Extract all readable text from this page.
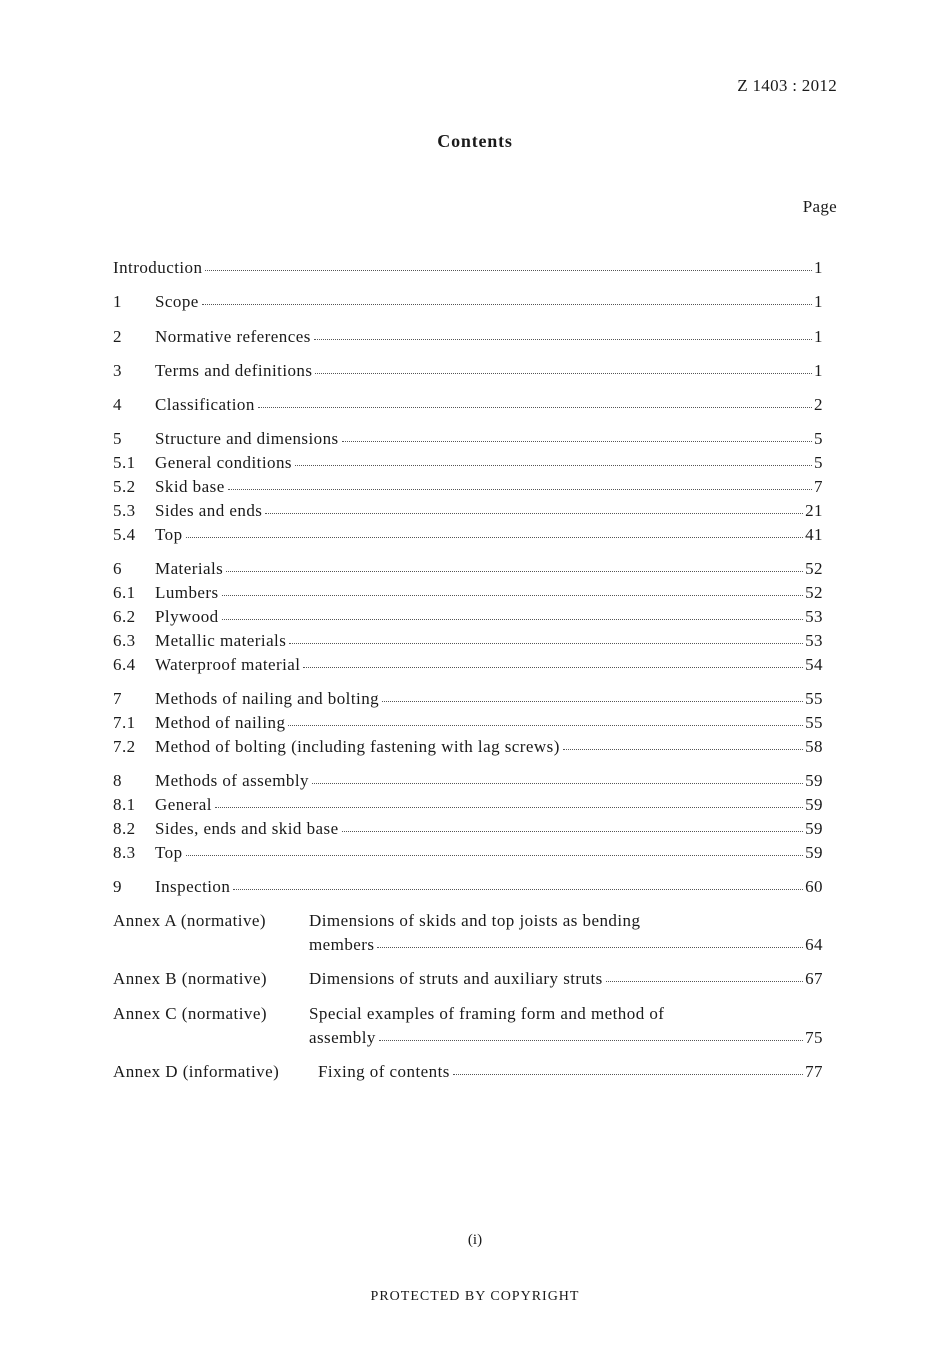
Z 1403 : 2012
Contents
Page
Introduction	1
1	Scope	1
2	Normative references	1
3	Terms and definitions	1
4	Classification	2
5	Structure and dimensions	5
5.1	General conditions	5
5.2	Skid base	7
5.3	Sides and ends	21
5.4	Top	41
6	Materials	52
6.1	Lumbers	52
6.2	Plywood	53
6.3	Metallic materials	53
6.4	Waterproof material	54
7	Methods of nailing and bolting	55
7.1	Method of nailing	55
7.2	Method of bolting (including fastening with lag screws)	58
8	Methods of assembly	59
8.1	General	59
8.2	Sides, ends and skid base	59
8.3	Top	59
9	Inspection	60
Annex A (normative)	Dimensions of skids and top joists as bending
members	64
Annex B (normative)	Dimensions of struts and auxiliary struts	67
Annex C (normative) Special examples of framing form and method of
assembly	75
Annex D (informative)	Fixing of contents	77
(i)
PROTECTED BY COPYRIGHT
